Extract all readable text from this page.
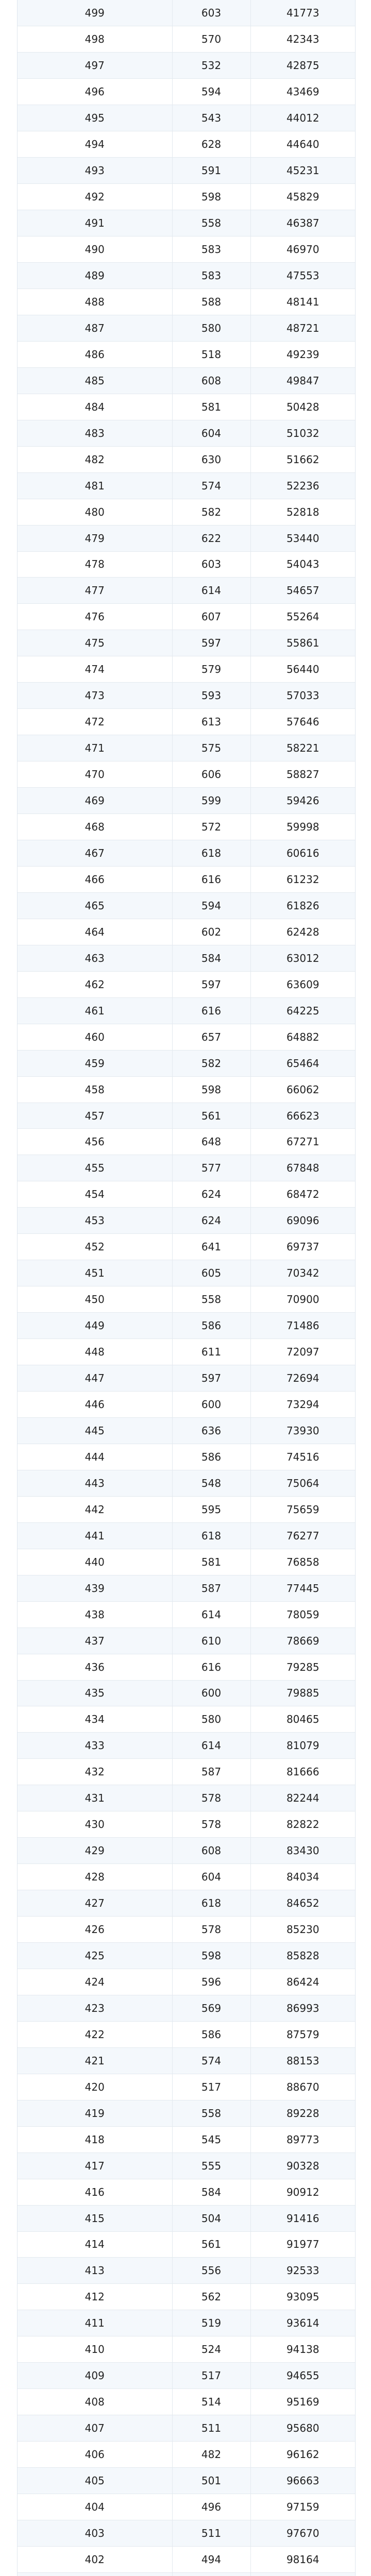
499	603	41773
498	570	42343
497	532	42875
496	594	43469
495	543	44012
494	628	44640
493	591	45231
492	598	45829
491	558	46387
490	583	46970
489	583	47553
488	588	48141
487	580	48721
486	518	49239
485	608	49847
484	581	50428
483	604	51032
482	630	51662
481	574	52236
480	582	52818
479	622	53440
478	603	54043
477	614	54657
476	607	55264
475	597	55861
474	579	56440
473	593	57033
472	613	57646
471	575	58221
470	606	58827
469	599	59426
468	572	59998
467	618	60616
466	616	61232
465	594	61826
464	602	62428
463	584	63012
462	597	63609
461	616	64225
460	657	64882
459	582	65464
458	598	66062
457	561	66623
456	648	67271
455	577	67848
454	624	68472
453	624	69096
452	641	69737
451	605	70342
450	558	70900
449	586	71486
448	611	72097
447	597	72694
446	600	73294
445	636	73930
444	586	74516
443	548	75064
442	595	75659
441	618	76277
440	581	76858
439	587	77445
438	614	78059
437	610	78669
436	616	79285
435	600	79885
434	580	80465
433	614	81079
432	587	81666
431	578	82244
430	578	82822
429	608	83430
428	604	84034
427	618	84652
426	578	85230
425	598	85828
424	596	86424
423	569	86993
422	586	87579
421	574	88153
420	517	88670
419	558	89228
418	545	89773
417	555	90328
416	584	90912
415	504	91416
414	561	91977
413	556	92533
412	562	93095
411	519	93614
410	524	94138
409	517	94655
408	514	95169
407	511	95680
406	482	96162
405	501	96663
404	496	97159
403	511	97670
402	494	98164
